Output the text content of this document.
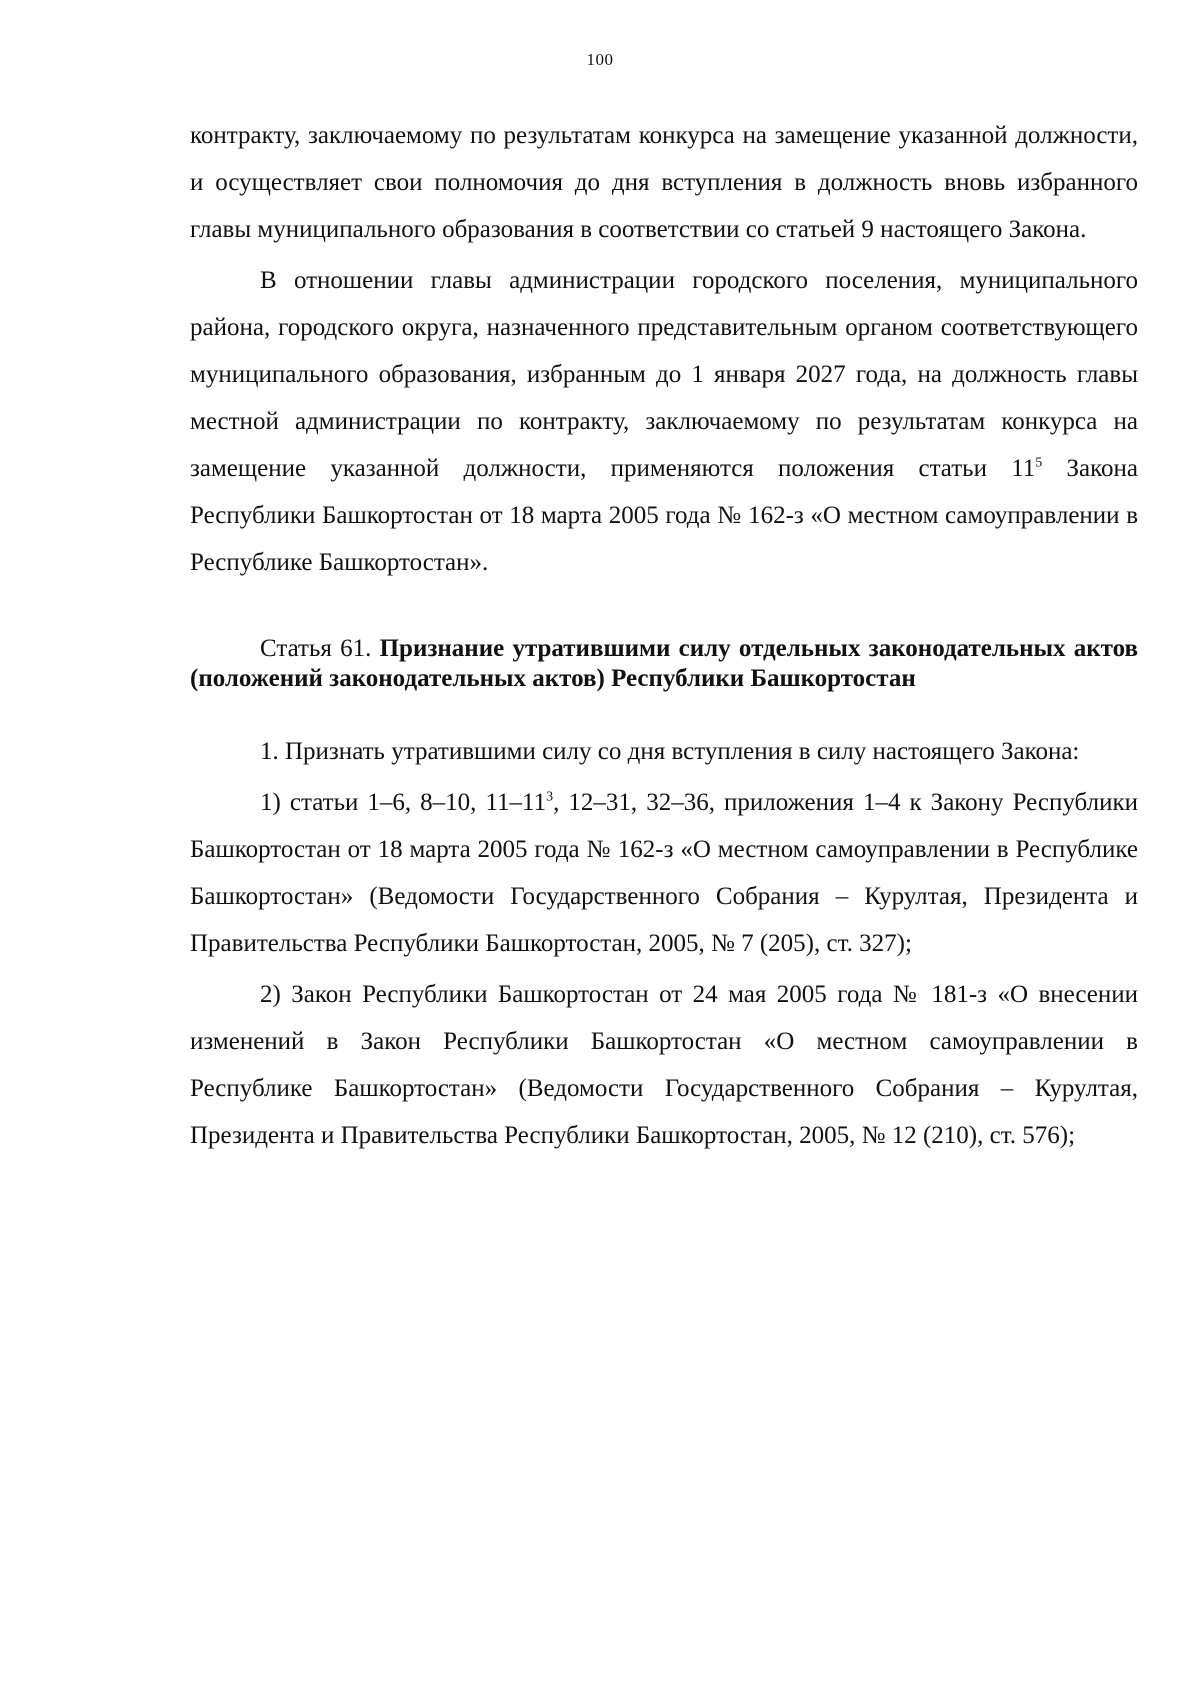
100

контракту, заключаемому по результатам конкурса на замещение указанной должности, и осуществляет свои полномочия до дня вступления в должность вновь избранного главы муниципального образования в соответствии со статьей 9 настоящего Закона.

В отношении главы администрации городского поселения, муниципального района, городского округа, назначенного представительным органом соответствующего муниципального образования, избранным до 1 января 2027 года, на должность главы местной администрации по контракту, заключаемому по результатам конкурса на замещение указанной должности, применяются положения статьи $11^5$ Закона Республики Башкортостан от 18 марта 2005 года № 162-з «О местном самоуправлении в Республике Башкортостан».

Статья 61. Признание утратившими силу отдельных законодательных актов (положений законодательных актов) Республики Башкортостан

1. Признать утратившими силу со дня вступления в силу настоящего Закона:

1) статьи 1–6, 8–10, $11-11^3$, 12–31, 32–36, приложения 1–4 к Закону Республики Башкортостан от 18 марта 2005 года № 162-з «О местном самоуправлении в Республике Башкортостан» (Ведомости Государственного Собрания – Курултая, Президента и Правительства Республики Башкортостан, 2005, № 7 (205), ст. 327);

2) Закон Республики Башкортостан от 24 мая 2005 года № 181-з «О внесении изменений в Закон Республики Башкортостан «О местном самоуправлении в Республике Башкортостан» (Ведомости Государственного Собрания – Курултая, Президента и Правительства Республики Башкортостан, 2005, № 12 (210), ст. 576);
